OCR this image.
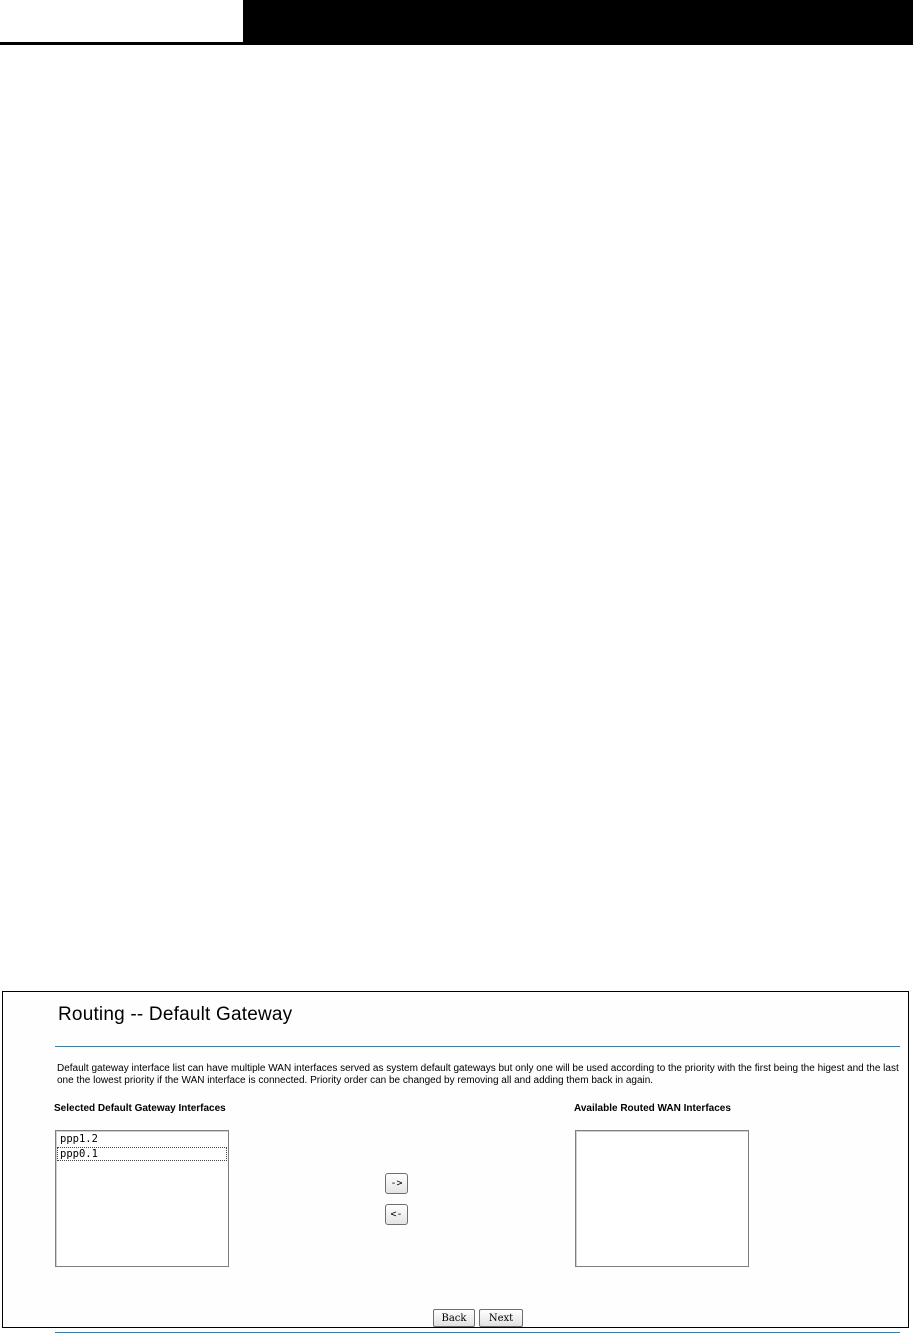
Routing -- Default Gateway

Default gateway interface list can have multiple WAN interfaces served as system default gateways but only one will be used according to the priority with the first being the higest and the last one the lowest priority if the WAN interface is connected. Priority order can be changed by removing all and adding them back in again.

Selected Default Gateway Interfaces	Available Routed WAN Interfaces
ppp1.2
ppp0.1
->
<-
Back	Next
